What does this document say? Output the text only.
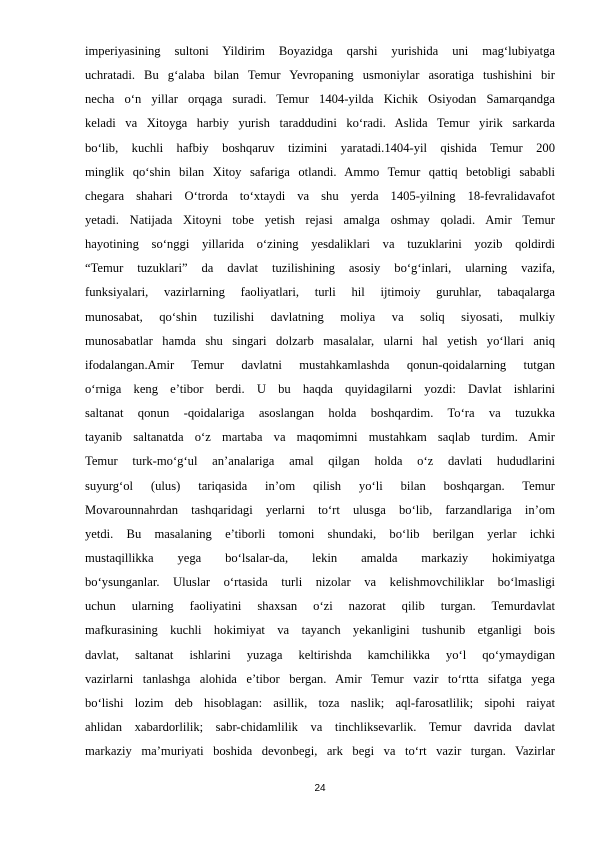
imperiyasining sultoni Yildirim Boyazidga qarshi yurishida uni magʻlubiyatga
uchratadi. Bu gʻalaba bilan Temur Yevropaning usmoniylar asoratiga tushishini bir
necha oʻn yillar orqaga suradi. Temur 1404-yilda Kichik Osiyodan Samarqandga
keladi va Xitoyga harbiy yurish taraddudini koʻradi. Aslida Temur yirik sarkarda
boʻlib, kuchli hafbiy boshqaruv tizimini yaratadi.1404-yil qishida Temur 200
minglik qoʻshin bilan Xitoy safariga otlandi. Ammo Temur qattiq betobligi sababli
chegara shahari Oʻtrorda toʻxtaydi va shu yerda 1405-yilning 18-fevralidavafot
yetadi. Natijada Xitoyni tobe yetish rejasi amalga oshmay qoladi. Amir Temur
hayotining soʻnggi yillarida oʻzining yesdaliklari va tuzuklarini yozib qoldirdi
“Temur tuzuklari” da davlat tuzilishining asosiy boʻgʻinlari, ularning vazifa,
funksiyalari, vazirlarning faoliyatlari, turli hil ijtimoiy guruhlar, tabaqalarga
munosabat, qoʻshin tuzilishi davlatning moliya va soliq siyosati, mulkiy
munosabatlar hamda shu singari dolzarb masalalar, ularni hal yetish yoʻllari aniq
ifodalangan.Amir Temur davlatni mustahkamlashda qonun-qoidalarning tutgan
oʻrniga keng e’tibor berdi. U bu haqda quyidagilarni yozdi: Davlat ishlarini
saltanat qonun -qoidalariga asoslangan holda boshqardim. Toʻra va tuzukka
tayanib saltanatda oʻz martaba va maqomimni mustahkam saqlab turdim. Amir
Temur turk-moʻgʻul an’analariga amal qilgan holda oʻz davlati hududlarini
suyurgʻol (ulus) tariqasida in’om qilish yoʻli bilan boshqargan. Temur
Movarounnahrdan tashqaridagi yerlarni toʻrt ulusga boʻlib, farzandlariga in’om
yetdi. Bu masalaning e’tiborli tomoni shundaki, boʻlib berilgan yerlar ichki
mustaqillikka yega boʻlsalar-da, lekin amalda markaziy hokimiyatga
boʻysunganlar. Uluslar oʻrtasida turli nizolar va kelishmovchiliklar boʻlmasligi
uchun ularning faoliyatini shaxsan oʻzi nazorat qilib turgan. Temurdavlat
mafkurasining kuchli hokimiyat va tayanch yekanligini tushunib etganligi bois
davlat, saltanat ishlarini yuzaga keltirishda kamchilikka yoʻl qoʻymaydigan
vazirlarni tanlashga alohida e’tibor bergan. Amir Temur vazir toʻrtta sifatga yega
boʻlishi lozim deb hisoblagan: asillik, toza naslik; aql-farosatlilik; sipohi raiyat
ahlidan xabardorlilik; sabr-chidamlilik va tinchliksevarlik. Temur davrida davlat
markaziy ma’muriyati boshida devonbegi, ark begi va toʻrt vazir turgan. Vazirlar
24
